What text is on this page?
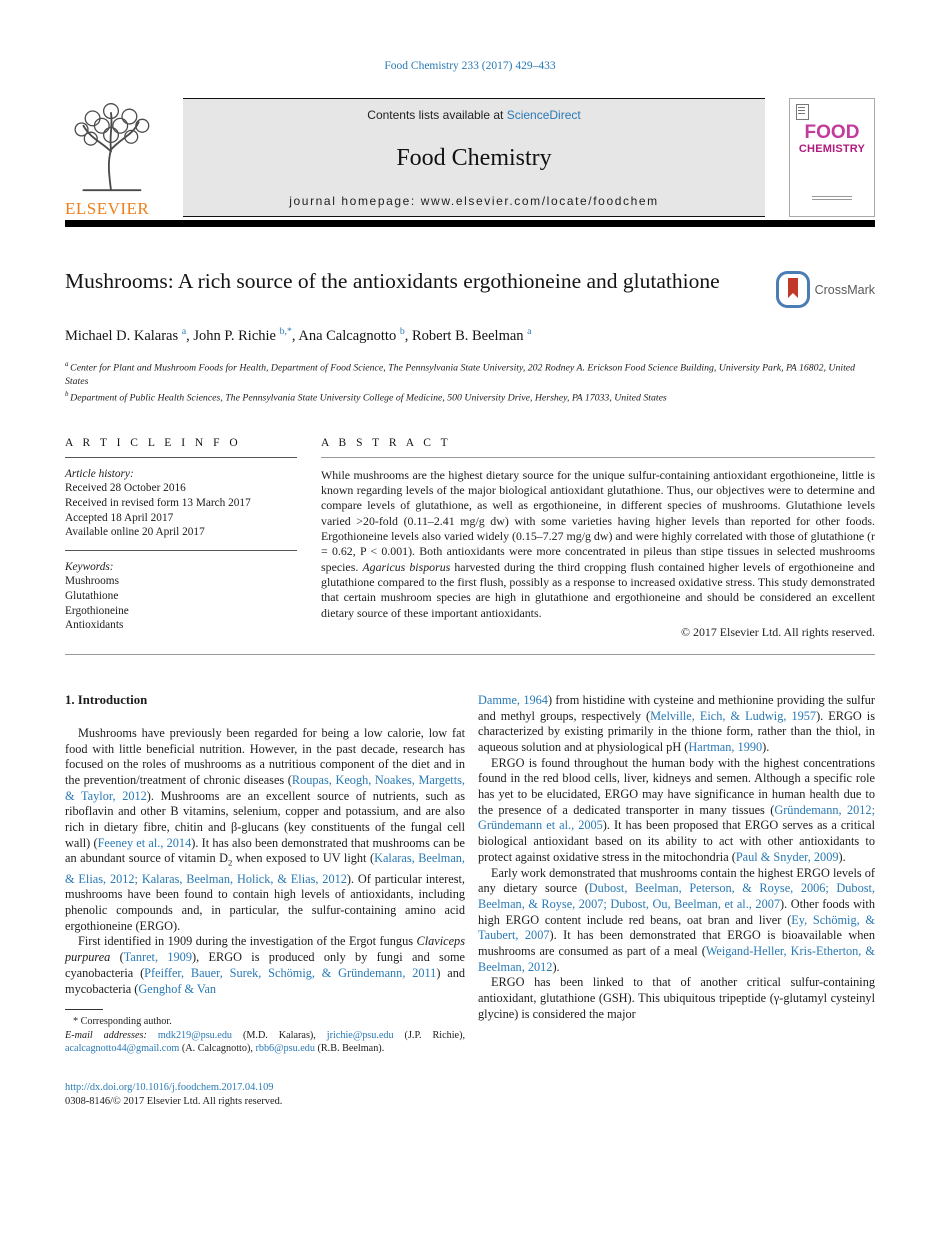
Food Chemistry 233 (2017) 429–433
ELSEVIER
Contents lists available at ScienceDirect
Food Chemistry
journal homepage: www.elsevier.com/locate/foodchem
FOOD
CHEMISTRY
Mushrooms: A rich source of the antioxidants ergothioneine and glutathione	CrossMark
Michael D. Kalaras $^a$, John P. Richie $^{b,*}$, Ana Calcagnotto $^b$, Robert B. Beelman $^a$
$^a$ Center for Plant and Mushroom Foods for Health, Department of Food Science, The Pennsylvania State University, 202 Rodney A. Erickson Food Science Building, University Park, PA 16802, United States
$^b$ Department of Public Health Sciences, The Pennsylvania State University College of Medicine, 500 University Drive, Hershey, PA 17033, United States
A R T I C L E I N F O
Article history:
Received 28 October 2016
Received in revised form 13 March 2017
Accepted 18 April 2017
Available online 20 April 2017
Keywords:
Mushrooms
Glutathione
Ergothioneine
Antioxidants
A B S T R A C T

While mushrooms are the highest dietary source for the unique sulfur-containing antioxidant ergothioneine, little is known regarding levels of the major biological antioxidant glutathione. Thus, our objectives were to determine and compare levels of glutathione, as well as ergothioneine, in different species of mushrooms. Glutathione levels varied >20-fold (0.11–2.41 mg/g dw) with some varieties having higher levels than reported for other foods. Ergothioneine levels also varied widely (0.15–7.27 mg/g dw) and were highly correlated with those of glutathione (r = 0.62, P < 0.001). Both antioxidants were more concentrated in pileus than stipe tissues in selected mushrooms species. Agaricus bisporus harvested during the third cropping flush contained higher levels of ergothioneine and glutathione compared to the first flush, possibly as a response to increased oxidative stress. This study demonstrated that certain mushroom species are high in glutathione and ergothioneine and should be considered an excellent dietary source of these important antioxidants.

© 2017 Elsevier Ltd. All rights reserved.
1. Introduction

Mushrooms have previously been regarded for being a low calorie, low fat food with little beneficial nutrition. However, in the past decade, research has focused on the roles of mushrooms as a nutritious component of the diet and in the prevention/treatment of chronic diseases (Roupas, Keogh, Noakes, Margetts, & Taylor, 2012). Mushrooms are an excellent source of nutrients, such as riboflavin and other B vitamins, selenium, copper and potassium, and are also rich in dietary fibre, chitin and β-glucans (key constituents of the fungal cell wall) (Feeney et al., 2014). It has also been demonstrated that mushrooms can be an abundant source of vitamin $D_2$ when exposed to UV light (Kalaras, Beelman, & Elias, 2012; Kalaras, Beelman, Holick, & Elias, 2012). Of particular interest, mushrooms have been found to contain high levels of antioxidants, including phenolic compounds and, in particular, the sulfur-containing amino acid ergothioneine (ERGO).

First identified in 1909 during the investigation of the Ergot fungus Claviceps purpurea (Tanret, 1909), ERGO is produced only by fungi and some cyanobacteria (Pfeiffer, Bauer, Surek, Schömig, & Gründemann, 2011) and mycobacteria (Genghof & Van

* Corresponding author.
E-mail addresses: mdk219@psu.edu (M.D. Kalaras), jrichie@psu.edu (J.P. Richie), acalcagnotto44@gmail.com (A. Calcagnotto), rbb6@psu.edu (R.B. Beelman).
http://dx.doi.org/10.1016/j.foodchem.2017.04.109
0308-8146/© 2017 Elsevier Ltd. All rights reserved.

Damme, 1964) from histidine with cysteine and methionine providing the sulfur and methyl groups, respectively (Melville, Eich, & Ludwig, 1957). ERGO is characterized by existing primarily in the thione form, rather than the thiol, in aqueous solution and at physiological pH (Hartman, 1990).

ERGO is found throughout the human body with the highest concentrations found in the red blood cells, liver, kidneys and semen. Although a specific role has yet to be elucidated, ERGO may have significance in human health due to the presence of a dedicated transporter in many tissues (Gründemann, 2012; Gründemann et al., 2005). It has been proposed that ERGO serves as a critical biological antioxidant based on its ability to act with other antioxidants to protect against oxidative stress in the mitochondria (Paul & Snyder, 2009).

Early work demonstrated that mushrooms contain the highest ERGO levels of any dietary source (Dubost, Beelman, Peterson, & Royse, 2006; Dubost, Beelman, & Royse, 2007; Dubost, Ou, Beelman, et al., 2007). Other foods with high ERGO content include red beans, oat bran and liver (Ey, Schömig, & Taubert, 2007). It has been demonstrated that ERGO is bioavailable when mushrooms are consumed as part of a meal (Weigand-Heller, Kris-Etherton, & Beelman, 2012).

ERGO has been linked to that of another critical sulfur-containing antioxidant, glutathione (GSH). This ubiquitous tripeptide (γ-glutamyl cysteinyl glycine) is considered the major
